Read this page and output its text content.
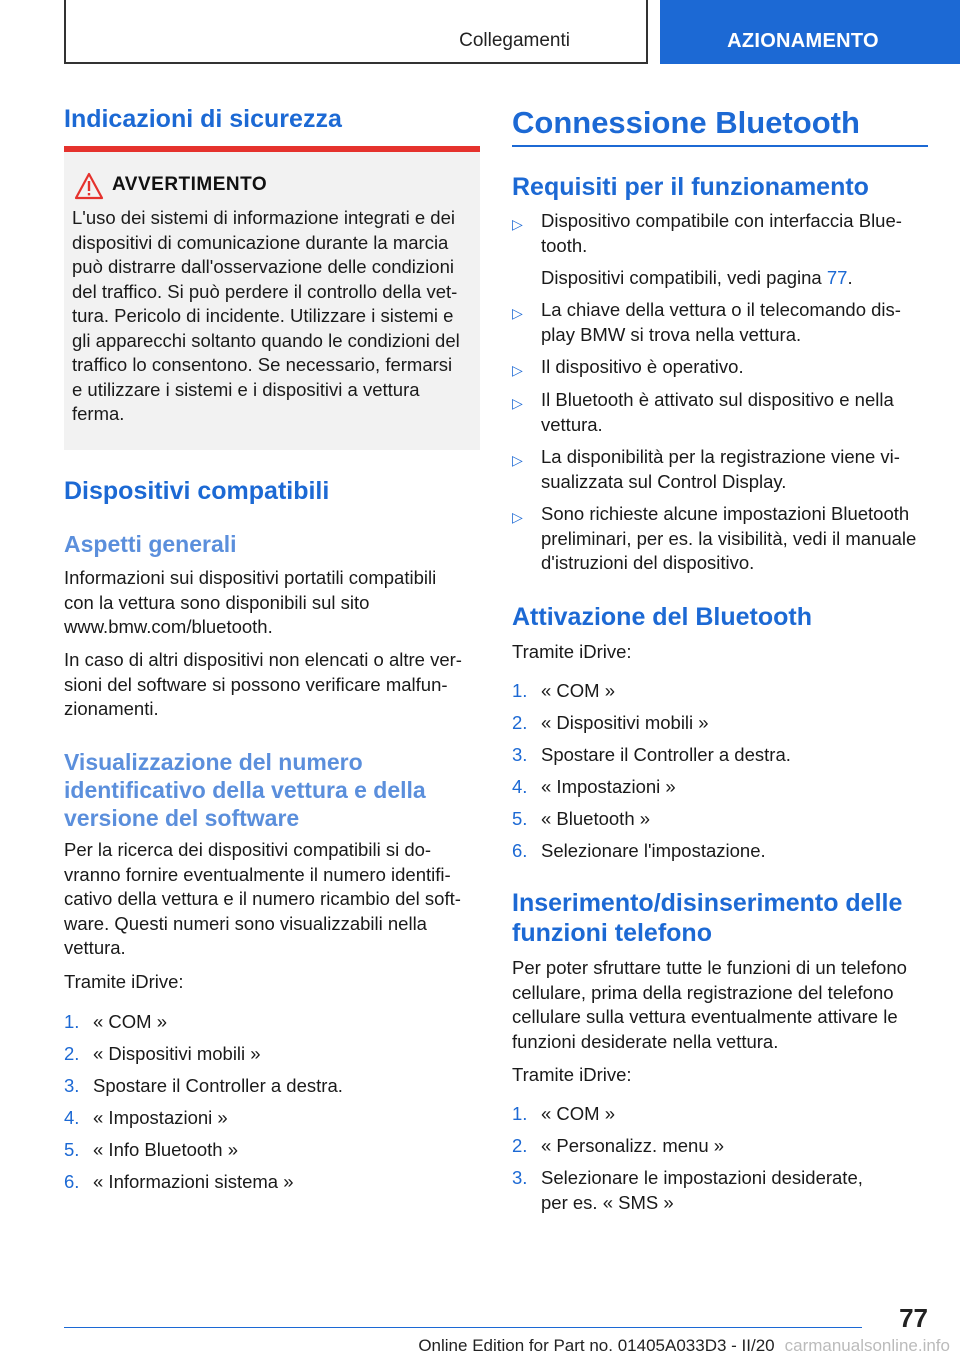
Collegamenti	AZIONAMENTO
Indicazioni di sicurezza
AVVERTIMENTO
L'uso dei sistemi di informazione integrati e dei
dispositivi di comunicazione durante la marcia
può distrarre dall'osservazione delle condizioni
del traffico. Si può perdere il controllo della vet‐
tura. Pericolo di incidente. Utilizzare i sistemi e
gli apparecchi soltanto quando le condizioni del
traffico lo consentono. Se necessario, fermarsi
e utilizzare i sistemi e i dispositivi a vettura
ferma.
Dispositivi compatibili
Aspetti generali
Informazioni sui dispositivi portatili compatibili
con la vettura sono disponibili sul sito
www.bmw.com/bluetooth.
In caso di altri dispositivi non elencati o altre ver‐
sioni del software si possono verificare malfun‐
zionamenti.
Visualizzazione del numero
identificativo della vettura e della
versione del software
Per la ricerca dei dispositivi compatibili si do‐
vranno fornire eventualmente il numero identifi‐
cativo della vettura e il numero ricambio del soft‐
ware. Questi numeri sono visualizzabili nella
vettura.
Tramite iDrive:
1. « COM »
2. « Dispositivi mobili »
3. Spostare il Controller a destra.
4. « Impostazioni »
5. « Info Bluetooth »
6. « Informazioni sistema »
Connessione Bluetooth
Requisiti per il funzionamento
▷ Dispositivo compatibile con interfaccia Blue‐
tooth.
Dispositivi compatibili, vedi pagina 77.
▷ La chiave della vettura o il telecomando dis‐
play BMW si trova nella vettura.
▷ Il dispositivo è operativo.
▷ Il Bluetooth è attivato sul dispositivo e nella
vettura.
▷ La disponibilità per la registrazione viene vi‐
sualizzata sul Control Display.
▷ Sono richieste alcune impostazioni Bluetooth
preliminari, per es. la visibilità, vedi il manuale
d'istruzioni del dispositivo.
Attivazione del Bluetooth
Tramite iDrive:
1. « COM »
2. « Dispositivi mobili »
3. Spostare il Controller a destra.
4. « Impostazioni »
5. « Bluetooth »
6. Selezionare l'impostazione.
Inserimento/disinserimento delle
funzioni telefono
Per poter sfruttare tutte le funzioni di un telefono
cellulare, prima della registrazione del telefono
cellulare sulla vettura eventualmente attivare le
funzioni desiderate nella vettura.
Tramite iDrive:
1. « COM »
2. « Personalizz. menu »
3. Selezionare le impostazioni desiderate,
per es. « SMS »
77
Online Edition for Part no. 01405A033D3 - II/20 carmanualsonline.info
